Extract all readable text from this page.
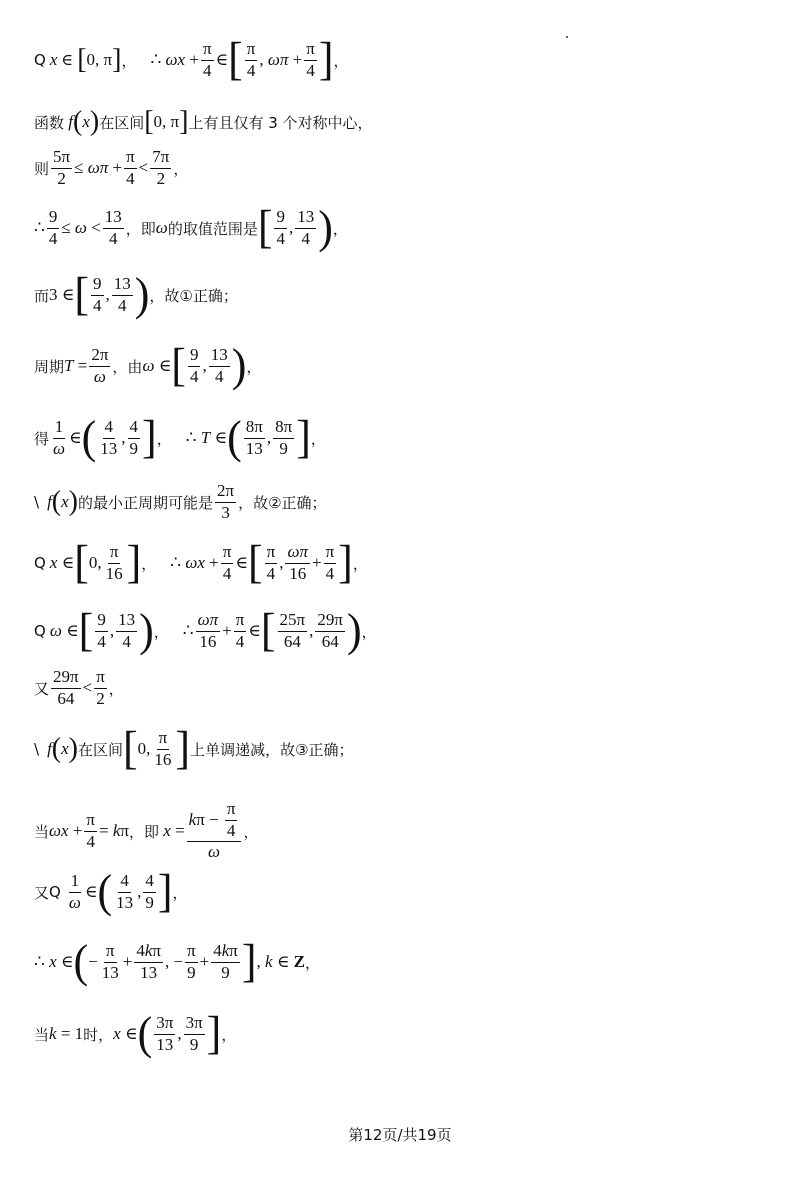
Q
x ∈ [ 0, π ] ， ∴ $\omega x + \frac{\pi}{4}$ ∈ [ $\frac{\pi}{4}$ , $\omega\pi + \frac{\pi}{4}$ ] ，
函数 f ( x ) 在区间 [ 0, π ] 上有且仅有 3 个对称中心，
则 $\frac{5\pi}{2} \le \omega\pi + \frac{\pi}{4} < \frac{7\pi}{2}$ ，
∴ $\frac{9}{4} \le \omega < \frac{13}{4}$ ，即 ω 的取值范围是 [ $\frac{9}{4}$ , $\frac{13}{4}$ ) ，
而 3 ∈ [ $\frac{9}{4}$ , $\frac{13}{4}$ ) ，故①正确；
周期 $T = \frac{2\pi}{\omega}$ ，由 ω ∈ [ $\frac{9}{4}$ , $\frac{13}{4}$ ) ，
得 $\frac{1}{\omega}$ ∈ ( $\frac{4}{13}$ , $\frac{4}{9}$ ] ， ∴ T ∈ ( $\frac{8\pi}{13}$ , $\frac{8\pi}{9}$ ] ，
\
f ( x ) 的最小正周期可能是 $\frac{2\pi}{3}$ ，故②正确；
Q
x ∈ [ 0, $\frac{\pi}{16}$ ] ， ∴ $\omega x + \frac{\pi}{4}$ ∈ [ $\frac{\pi}{4}$ , $\frac{\omega\pi}{16} + \frac{\pi}{4}$ ] ，
Q
ω ∈ [ $\frac{9}{4}$ , $\frac{13}{4}$ ) ， ∴ $\frac{\omega\pi}{16} + \frac{\pi}{4}$ ∈ [ $\frac{25\pi}{64}$ , $\frac{29\pi}{64}$ ) ，
又 $\frac{29\pi}{64} < \frac{\pi}{2}$ ，
\
f ( x ) 在区间 [ 0, $\frac{\pi}{16}$ ] 上单调递减，故③正确；
当 $\omega x + \frac{\pi}{4} = k\pi$ ，即 $x = \frac{k \pi - \frac{\pi}{4}}{\omega}$ ，
又 Q
$\frac{1}{\omega}$ ∈ ( $\frac{4}{13}$ , $\frac{4}{9}$ ] ，
∴ x ∈ ( − $\frac{\pi}{13} + \frac{4k\pi}{13}$ , − $\frac{\pi}{9} + \frac{4k\pi}{9}$ ] , k ∈ Z ，
当 k = 1 时， x ∈ ( $\frac{3\pi}{13}$ , $\frac{3\pi}{9}$ ] ，
第12页/共19页
